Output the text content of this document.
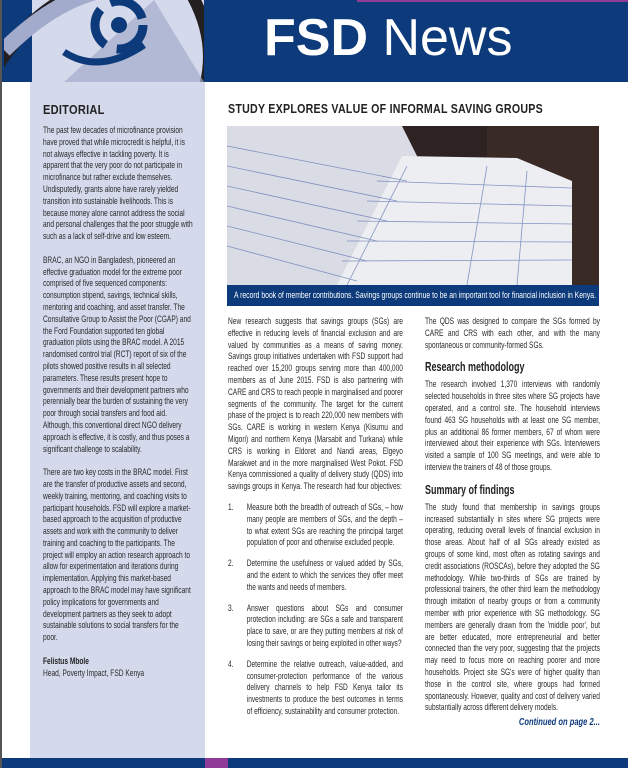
FSD News
EDITORIAL

The past few decades of microfinance provision have proved that while microcredit is helpful, it is not always effective in tackling poverty. It is apparent that the very poor do not participate in microfinance but rather exclude themselves. Undisputedly, grants alone have rarely yielded transition into sustainable livelihoods. This is because money alone cannot address the social and personal challenges that the poor struggle with such as a lack of self-drive and low esteem.

BRAC, an NGO in Bangladesh, pioneered an effective graduation model for the extreme poor comprised of five sequenced components: consumption stipend, savings, technical skills, mentoring and coaching, and asset transfer. The Consultative Group to Assist the Poor (CGAP) and the Ford Foundation supported ten global graduation pilots using the BRAC model. A 2015 randomised control trial (RCT) report of six of the pilots showed positive results in all selected parameters. These results present hope to governments and their development partners who perennially bear the burden of sustaining the very poor through social transfers and food aid. Although, this conventional direct NGO delivery approach is effective, it is costly, and thus poses a significant challenge to scalability.

There are two key costs in the BRAC model. First are the transfer of productive assets and second, weekly training, mentoring, and coaching visits to participant households. FSD will explore a market-based approach to the acquisition of productive assets and work with the community to deliver training and coaching to the participants. The project will employ an action research approach to allow for experimentation and iterations during implementation. Applying this market-based approach to the BRAC model may have significant policy implications for governments and development partners as they seek to adopt sustainable solutions to social transfers for the poor.

Felistus Mbole
Head, Poverty Impact, FSD Kenya
STUDY EXPLORES VALUE OF INFORMAL SAVING GROUPS
A record book of member contributions. Savings groups continue to be an important tool for financial inclusion in Kenya.

New research suggests that savings groups (SGs) are effective in reducing levels of financial exclusion and are valued by communities as a means of saving money. Savings group initiatives undertaken with FSD support had reached over 15,200 groups serving more than 400,000 members as of June 2015. FSD is also partnering with CARE and CRS to reach people in marginalised and poorer segments of the community. The target for the current phase of the project is to reach 220,000 new members with SGs. CARE is working in western Kenya (Kisumu and Migori) and northern Kenya (Marsabit and Turkana) while CRS is working in Eldoret and Nandi areas, Elgeyo Marakwet and in the more marginalised West Pokot. FSD Kenya commissioned a quality of delivery study (QDS) into savings groups in Kenya. The research had four objectives:

1.	Measure both the breadth of outreach of SGs, – how many people are members of SGs, and the depth – to what extent SGs are reaching the principal target population of poor and otherwise excluded people.
2.	Determine the usefulness or valued added by SGs, and the extent to which the services they offer meet the wants and needs of members.
3.	Answer questions about SGs and consumer protection including: are SGs a safe and transparent place to save, or are they putting members at risk of losing their savings or being exploited in other ways?
4.	Determine the relative outreach, value-added, and consumer-protection performance of the various delivery channels to help FSD Kenya tailor its investments to produce the best outcomes in terms of efficiency, sustainability and consumer protection.

The QDS was designed to compare the SGs formed by CARE and CRS with each other, and with the many spontaneous or community-formed SGs.

Research methodology

The research involved 1,370 interviews with randomly selected households in three sites where SG projects have operated, and a control site. The household interviews found 463 SG households with at least one SG member, plus an additional 86 former members, 67 of whom were interviewed about their experience with SGs. Interviewers visited a sample of 100 SG meetings, and were able to interview the trainers of 48 of those groups.

Summary of findings

The study found that membership in savings groups increased substantially in sites where SG projects were operating, reducing overall levels of financial exclusion in those areas. About half of all SGs already existed as groups of some kind, most often as rotating savings and credit associations (ROSCAs), before they adopted the SG methodology. While two-thirds of SGs are trained by professional trainers, the other third learn the methodology through imitation of nearby groups or from a community member with prior experience with SG methodology. SG members are generally drawn from the 'middle poor', but are better educated, more entrepreneurial and better connected than the very poor, suggesting that the projects may need to focus more on reaching poorer and more households. Project site SG's were of higher quality than those in the control site, where groups had formed spontaneously. However, quality and cost of delivery varied substantially across different delivery models.

Continued on page 2...
